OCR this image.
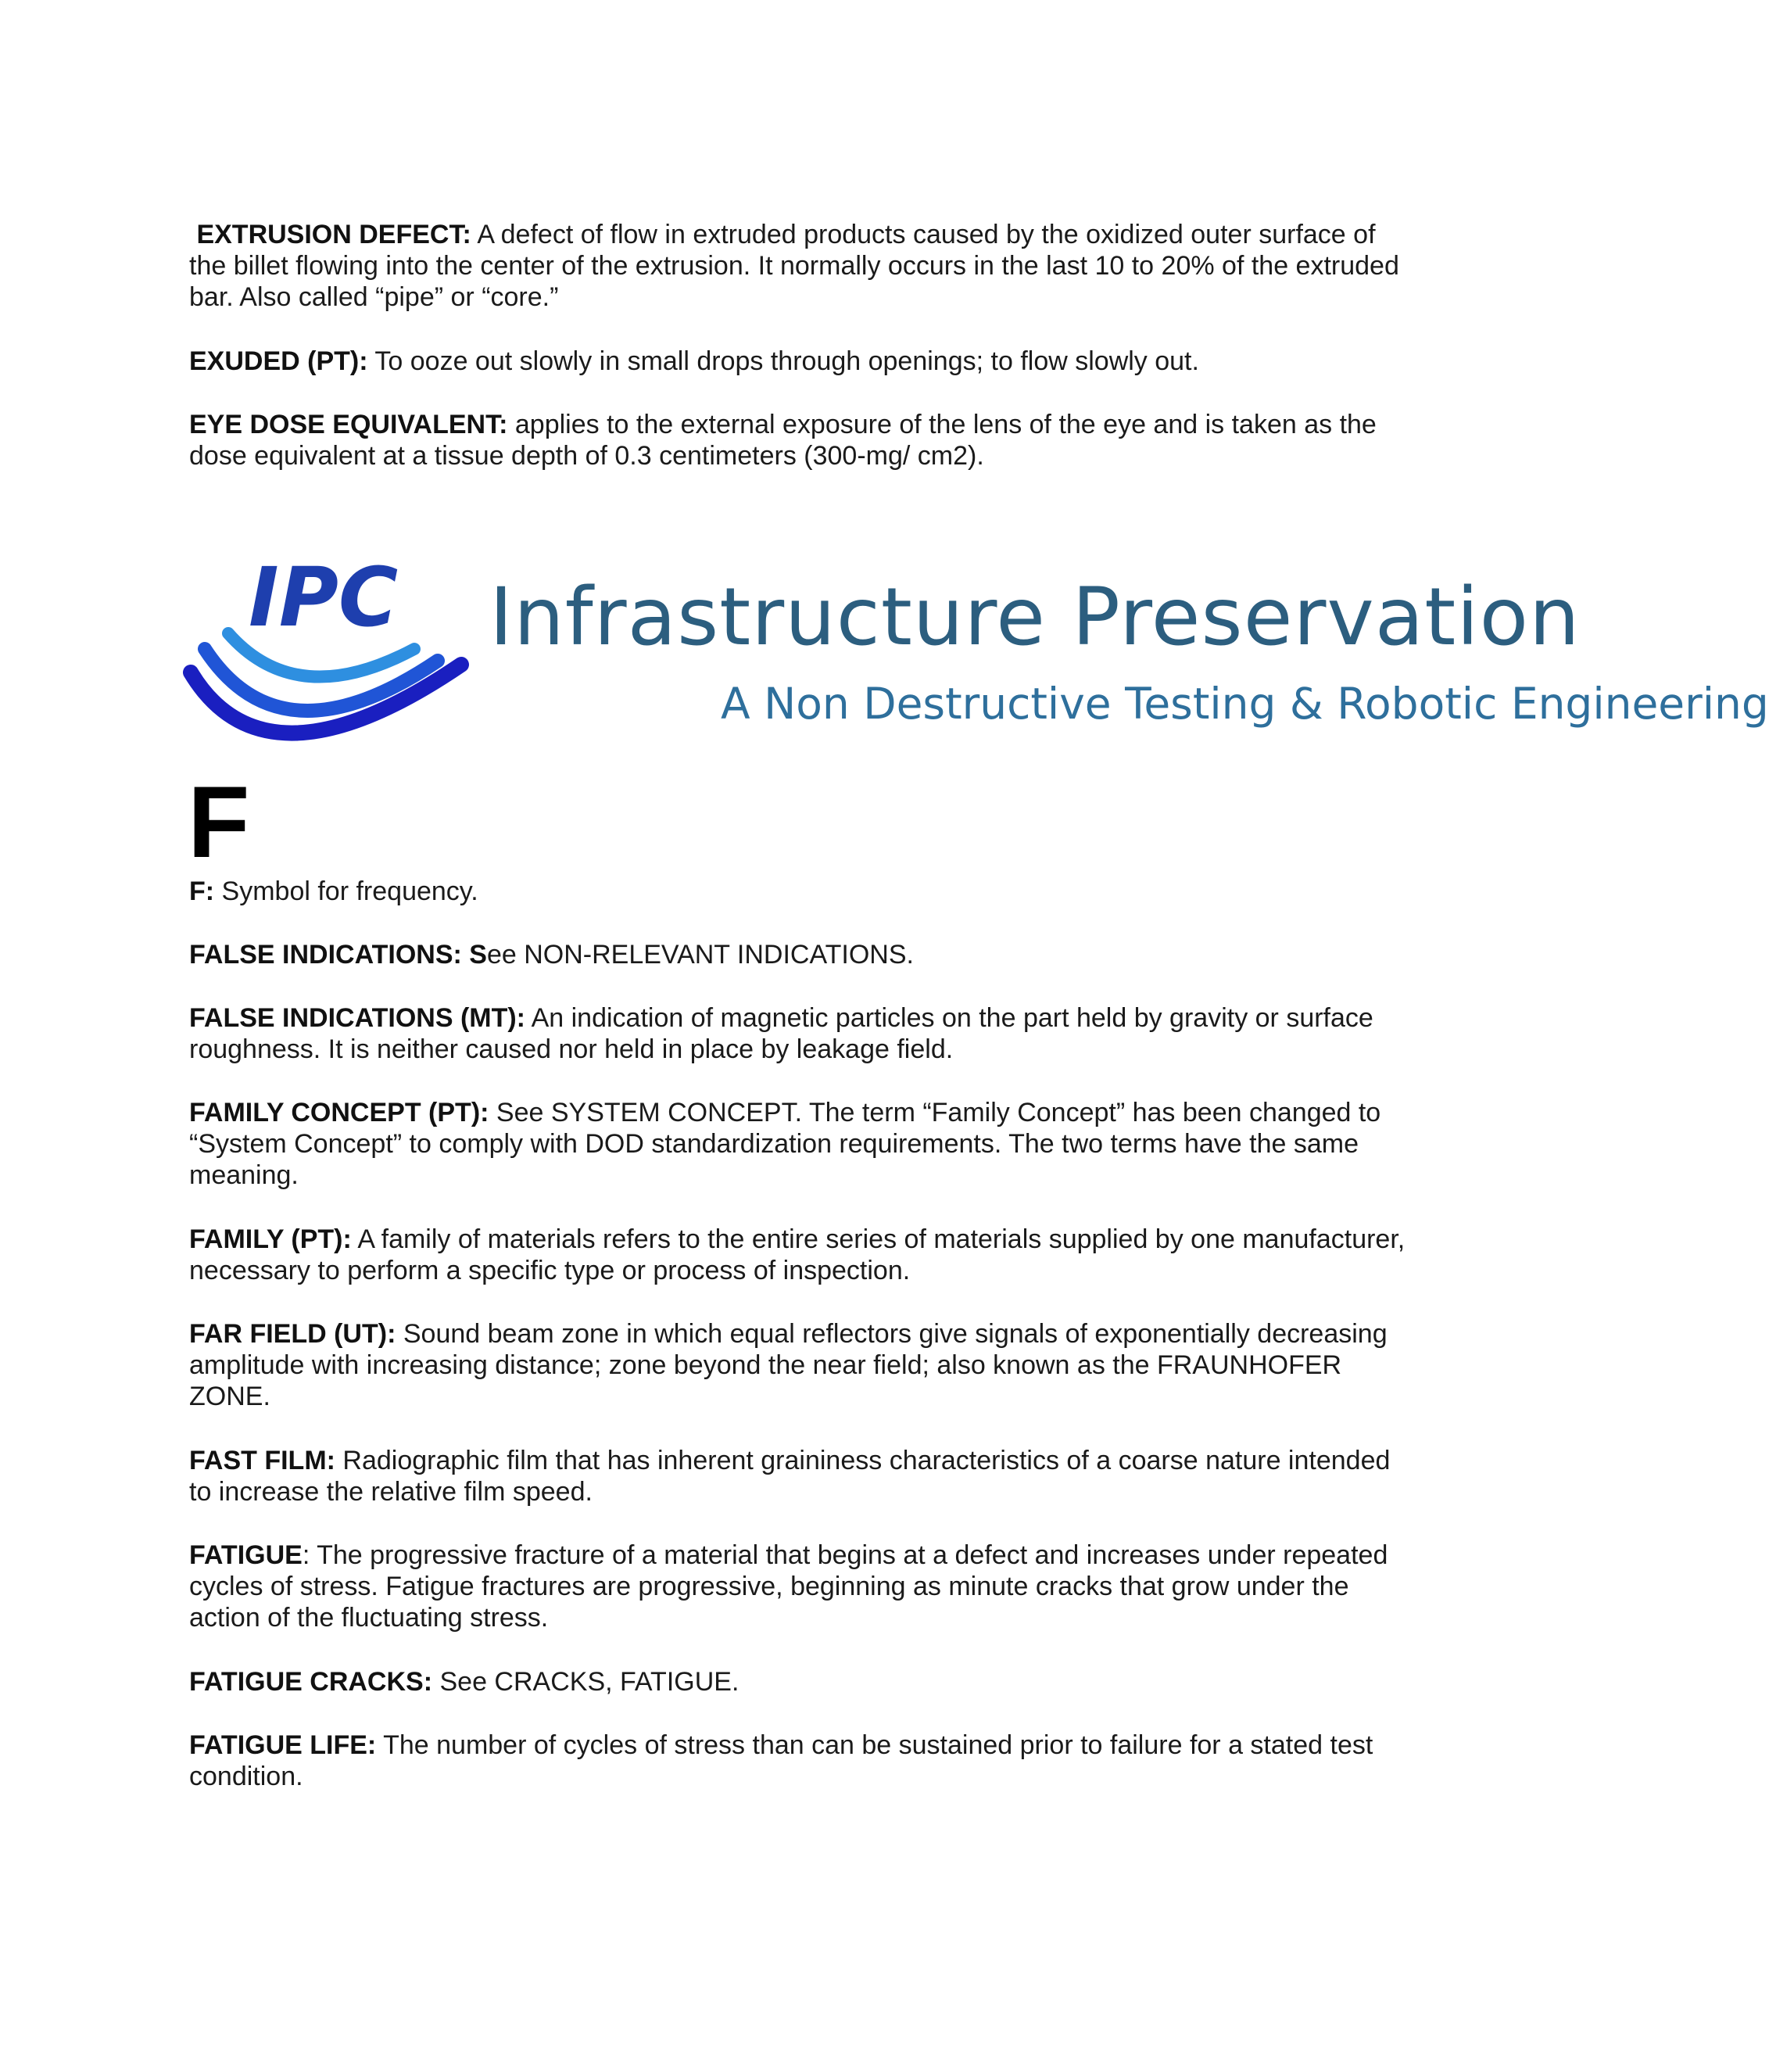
EXTRUSION DEFECT: A defect of flow in extruded products caused by the oxidized outer surface of the billet flowing into the center of the extrusion. It normally occurs in the last 10 to 20% of the extruded bar. Also called “pipe” or “core.”

EXUDED (PT): To ooze out slowly in small drops through openings; to flow slowly out.

EYE DOSE EQUIVALENT: applies to the external exposure of the lens of the eye and is taken as the dose equivalent at a tissue depth of 0.3 centimeters (300-mg/ cm2).

IPC Infrastructure Preservation
A Non Destructive Testing & Robotic Engineering
F

F: Symbol for frequency.

FALSE INDICATIONS: See NON-RELEVANT INDICATIONS.

FALSE INDICATIONS (MT): An indication of magnetic particles on the part held by gravity or surface roughness. It is neither caused nor held in place by leakage field.

FAMILY CONCEPT (PT): See SYSTEM CONCEPT. The term “Family Concept” has been changed to “System Concept” to comply with DOD standardization requirements. The two terms have the same meaning.

FAMILY (PT): A family of materials refers to the entire series of materials supplied by one manufacturer, necessary to perform a specific type or process of inspection.

FAR FIELD (UT): Sound beam zone in which equal reflectors give signals of exponentially decreasing amplitude with increasing distance; zone beyond the near field; also known as the FRAUNHOFER ZONE.

FAST FILM: Radiographic film that has inherent graininess characteristics of a coarse nature intended to increase the relative film speed.

FATIGUE: The progressive fracture of a material that begins at a defect and increases under repeated cycles of stress. Fatigue fractures are progressive, beginning as minute cracks that grow under the action of the fluctuating stress.

FATIGUE CRACKS: See CRACKS, FATIGUE.

FATIGUE LIFE: The number of cycles of stress than can be sustained prior to failure for a stated test condition.
